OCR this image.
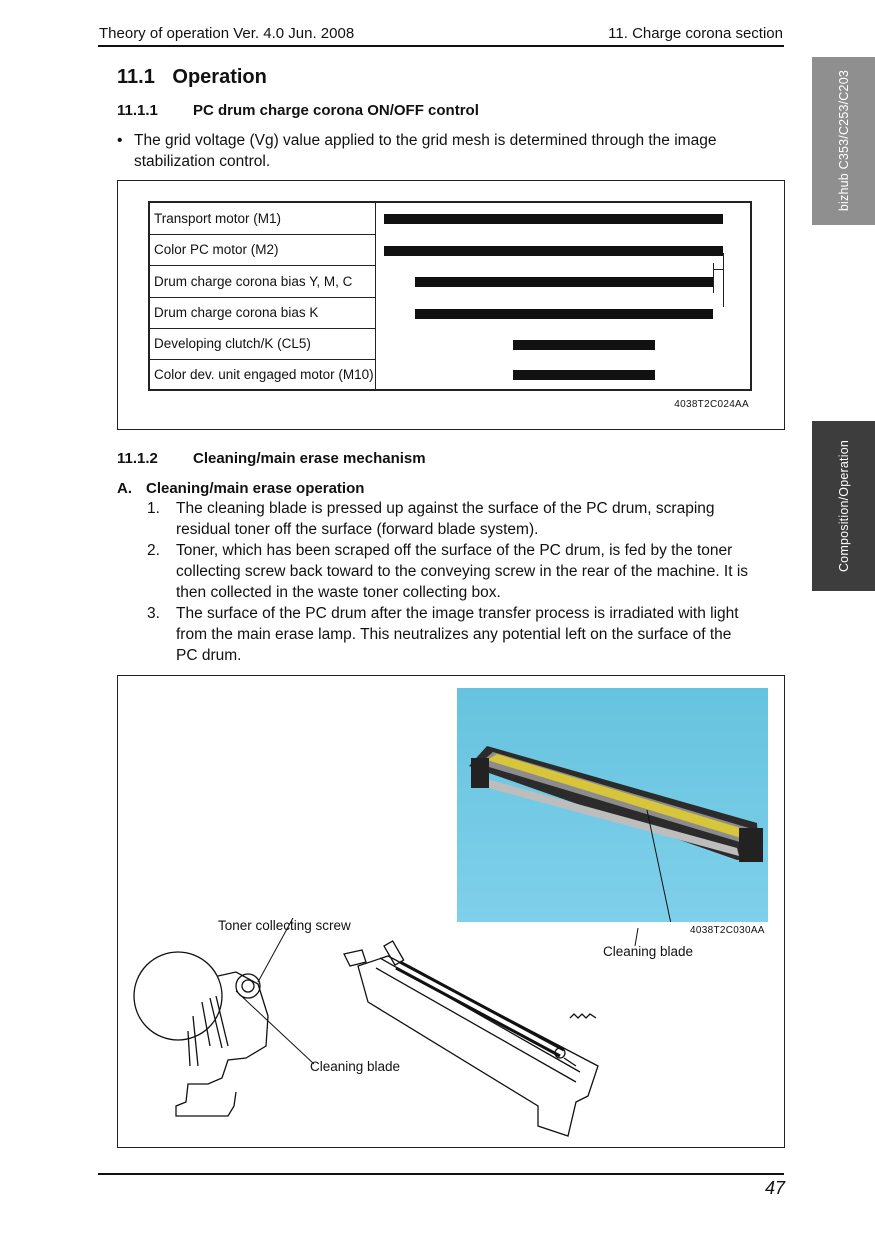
Theory of operation Ver. 4.0 Jun. 2008	11. Charge corona section
bizhub C353/C253/C203
Composition/Operation
11.1 Operation
11.1.1 PC drum charge corona ON/OFF control
• The grid voltage (Vg) value applied to the grid mesh is determined through the image stabilization control.
Transport motor (M1)
Color PC motor (M2)
Drum charge corona bias Y, M, C
Drum charge corona bias K
Developing clutch/K (CL5)
Color dev. unit engaged motor (M10)
4038T2C024AA
11.1.2 Cleaning/main erase mechanism
A. Cleaning/main erase operation
1.	The cleaning blade is pressed up against the surface of the PC drum, scraping
residual toner off the surface (forward blade system).
2.	Toner, which has been scraped off the surface of the PC drum, is fed by the toner
collecting screw back toward to the conveying screw in the rear of the machine. It is
then collected in the waste toner collecting box.
3.	The surface of the PC drum after the image transfer process is irradiated with light
from the main erase lamp. This neutralizes any potential left on the surface of the
PC drum.
4038T2C030AA
Cleaning blade
Toner collecting screw
Cleaning blade
47
